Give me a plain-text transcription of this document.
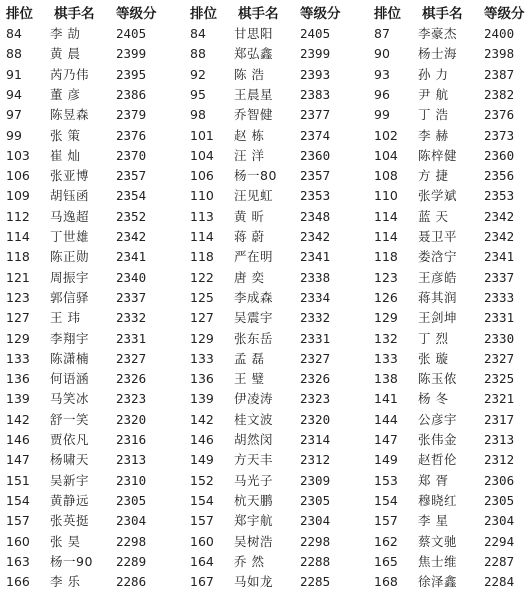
排位 棋手名 等级分
84	李 劼	2405
88	黄 晨	2399
91	芮乃伟	2395
94	董 彦	2386
97	陈昱森	2379
99	张 策	2376
103	崔 灿	2370
106	张亚博	2357
109	胡钰函	2354
112	马逸超	2352
114	丁世雄	2342
118	陈正勋	2341
121	周振宇	2340
123	郭信驿	2337
127	王 玮	2332
129	李翔宇	2331
133	陈潇楠	2327
136	何语涵	2326
139	马笑冰	2323
142	舒一笑	2320
146	贾依凡	2316
147	杨啸天	2313
151	吴新宇	2310
154	黄静远	2305
157	张英挺	2304
160	张 昊	2298
163	杨一90	2289
166	李 乐	2286
排位 棋手名 等级分
84	甘思阳	2405
88	郑弘鑫	2399
92	陈 浩	2393
95	王晨星	2383
98	乔智健	2377
101	赵 栋	2374
104	汪 洋	2360
106	杨一80	2357
110	汪见虹	2353
113	黄 昕	2348
114	蒋 蔚	2342
118	严在明	2341
122	唐 奕	2338
125	李成森	2334
127	吴震宇	2332
129	张东岳	2331
133	孟 磊	2327
136	王 璧	2326
139	伊凌涛	2323
142	桂文波	2320
146	胡然闵	2314
149	方天丰	2312
152	马光子	2309
154	杭天鹏	2305
157	郑宇航	2304
160	吴树浩	2298
164	乔 然	2288
167	马如龙	2285
排位 棋手名 等级分
87	李豪杰	2400
90	杨士海	2398
93	孙 力	2387
96	尹 航	2382
99	丁 浩	2376
102	李 赫	2373
104	陈梓健	2360
108	方 捷	2356
110	张学斌	2353
114	蓝 天	2342
114	聂卫平	2342
118	娄浛宁	2341
123	王彦皓	2337
126	蒋其润	2333
129	王剑坤	2331
132	丁 烈	2330
133	张 璇	2327
138	陈玉侬	2325
141	杨 冬	2321
144	公彦宇	2317
147	张伟金	2313
149	赵哲伦	2312
153	郑 胥	2306
154	穆晓红	2305
157	李 星	2304
162	蔡文驰	2294
165	焦士维	2287
168	徐泽鑫	2284
